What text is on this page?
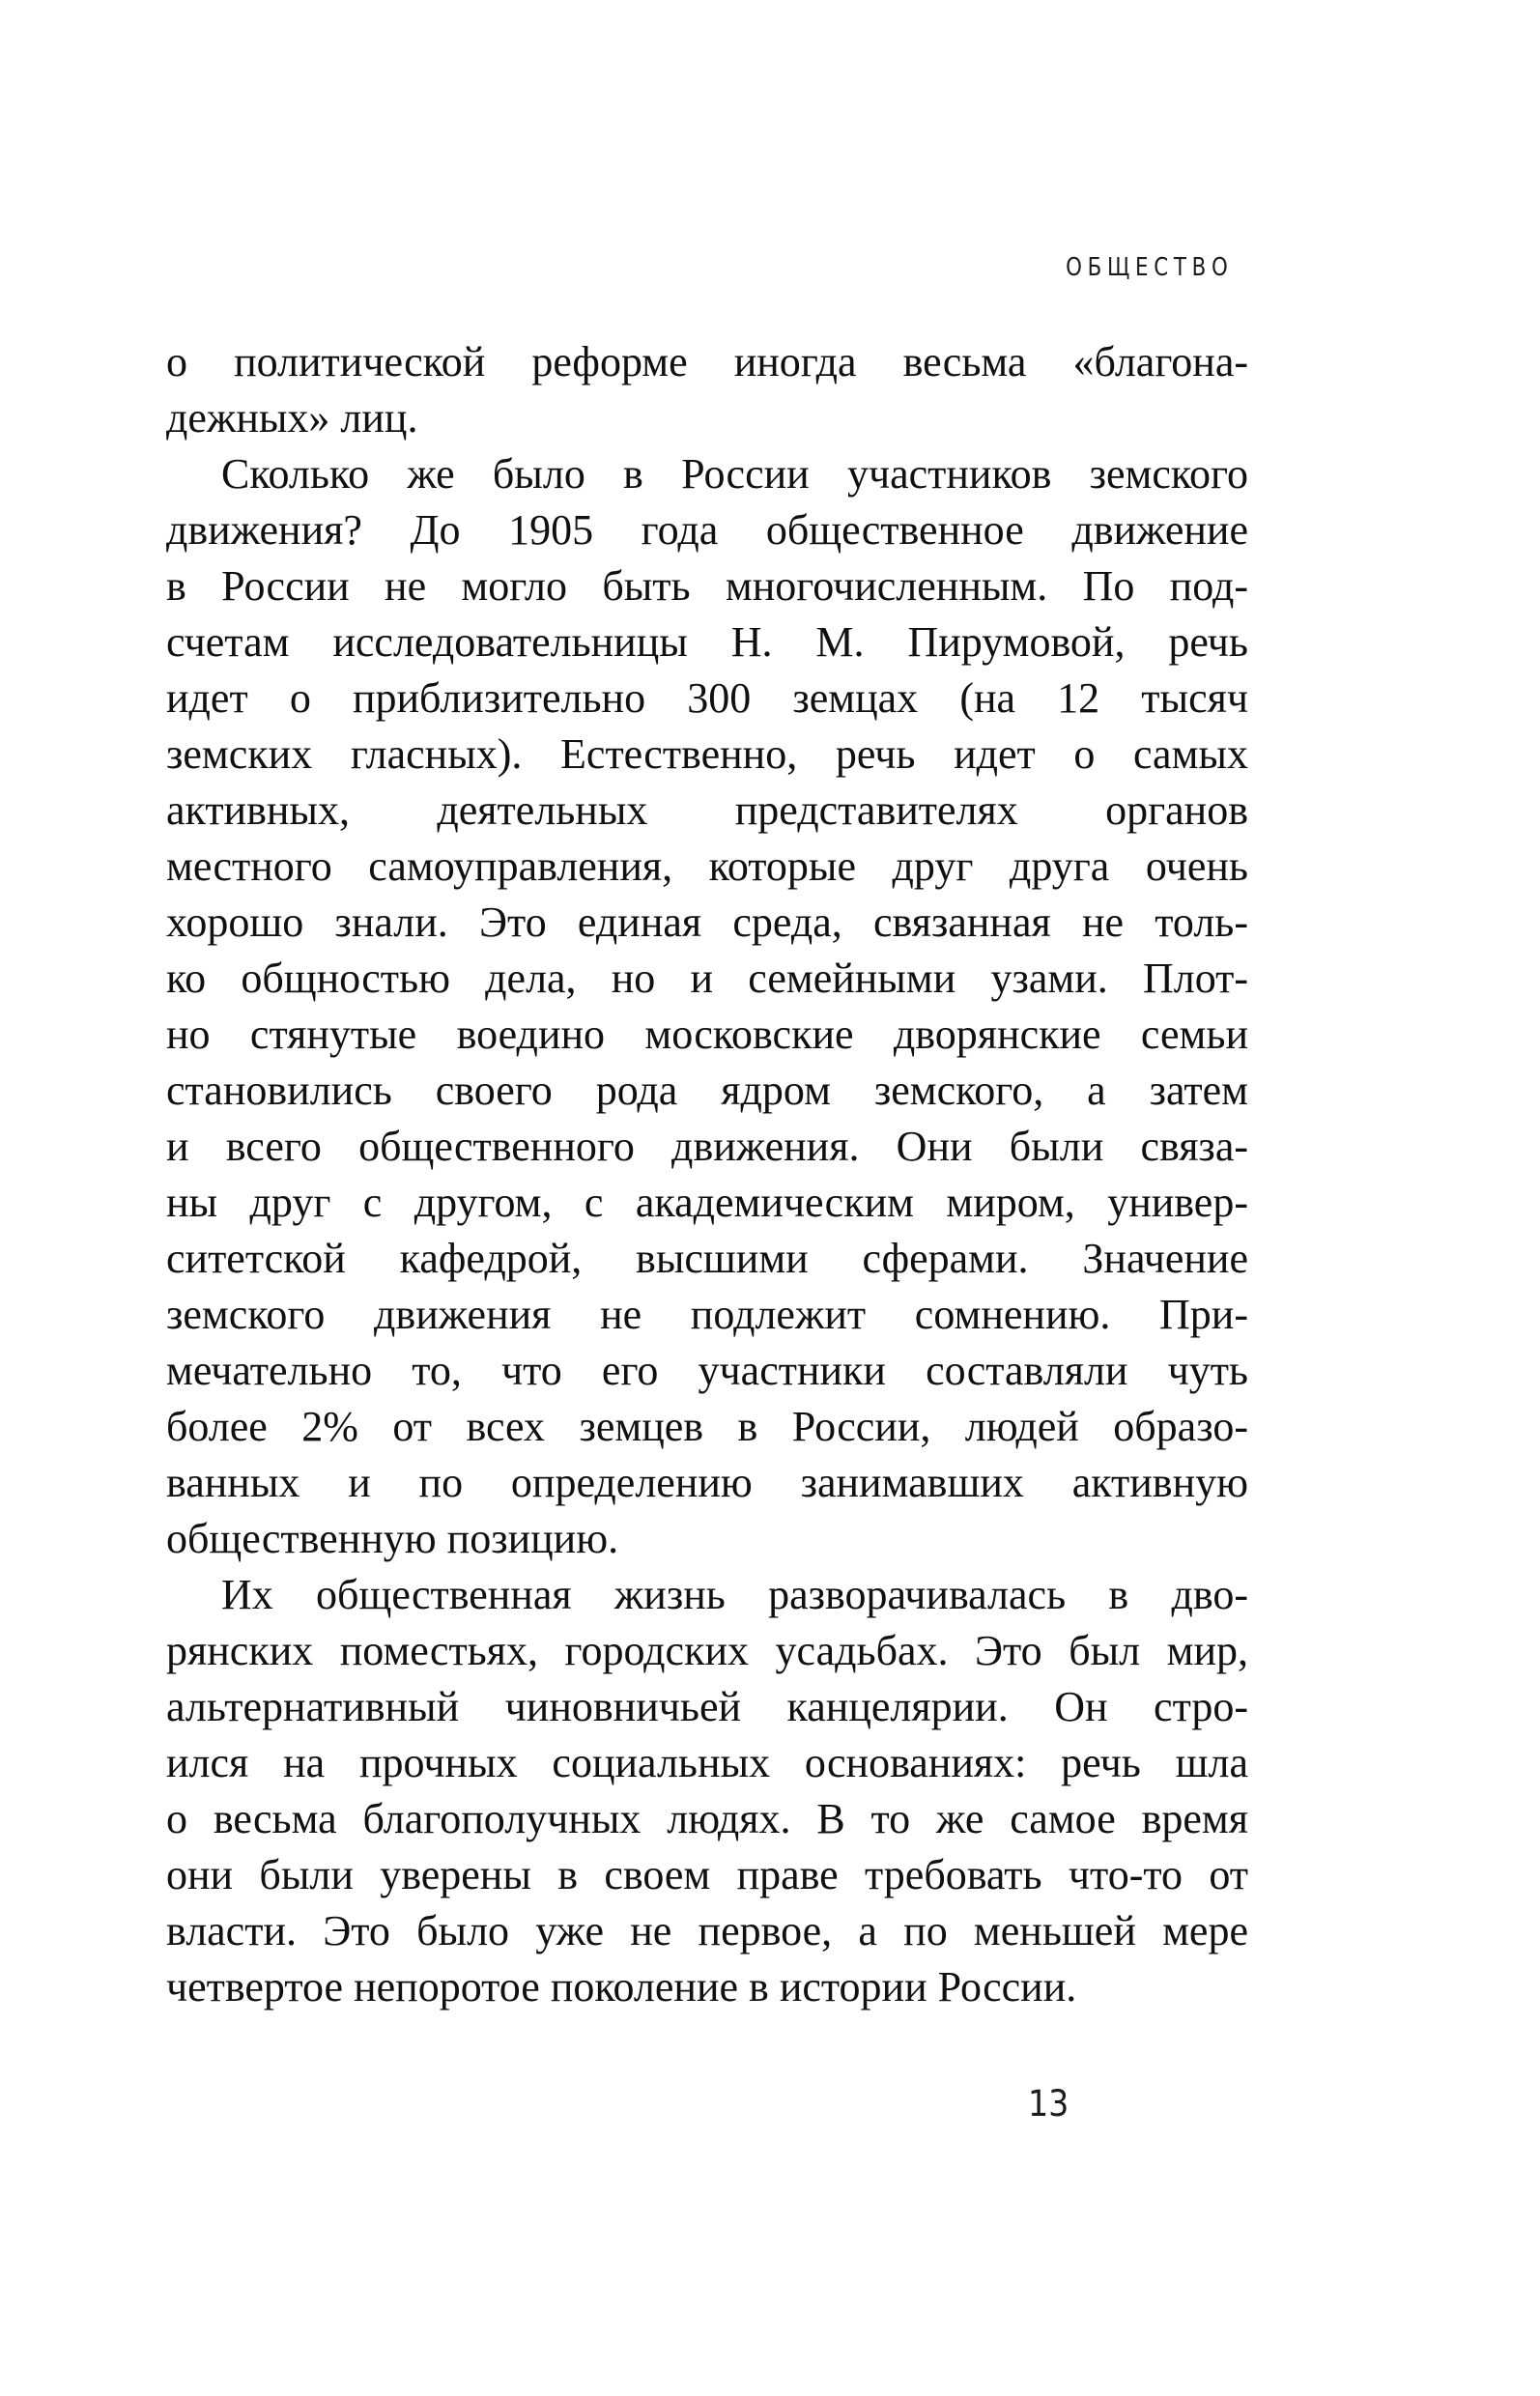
ОБЩЕСТВО
о политической реформе иногда весьма «благона-
дежных» лиц.
Сколько же было в России участников земского
движения? До 1905 года общественное движение
в России не могло быть многочисленным. По под-
счетам исследовательницы Н. М. Пирумовой, речь
идет о приблизительно 300 земцах (на 12 тысяч
земских гласных). Естественно, речь идет о самых
активных, деятельных представителях органов
местного самоуправления, которые друг друга очень
хорошо знали. Это единая среда, связанная не толь-
ко общностью дела, но и семейными узами. Плот-
но стянутые воедино московские дворянские семьи
становились своего рода ядром земского, а затем
и всего общественного движения. Они были связа-
ны друг с другом, с академическим миром, универ-
ситетской кафедрой, высшими сферами. Значение
земского движения не подлежит сомнению. При-
мечательно то, что его участники составляли чуть
более 2% от всех земцев в России, людей образо-
ванных и по определению занимавших активную
общественную позицию.
Их общественная жизнь разворачивалась в дво-
рянских поместьях, городских усадьбах. Это был мир,
альтернативный чиновничьей канцелярии. Он стро-
ился на прочных социальных основаниях: речь шла
о весьма благополучных людях. В то же самое время
они были уверены в своем праве требовать что-то от
власти. Это было уже не первое, а по меньшей мере
четвертое непоротое поколение в истории России.
13
